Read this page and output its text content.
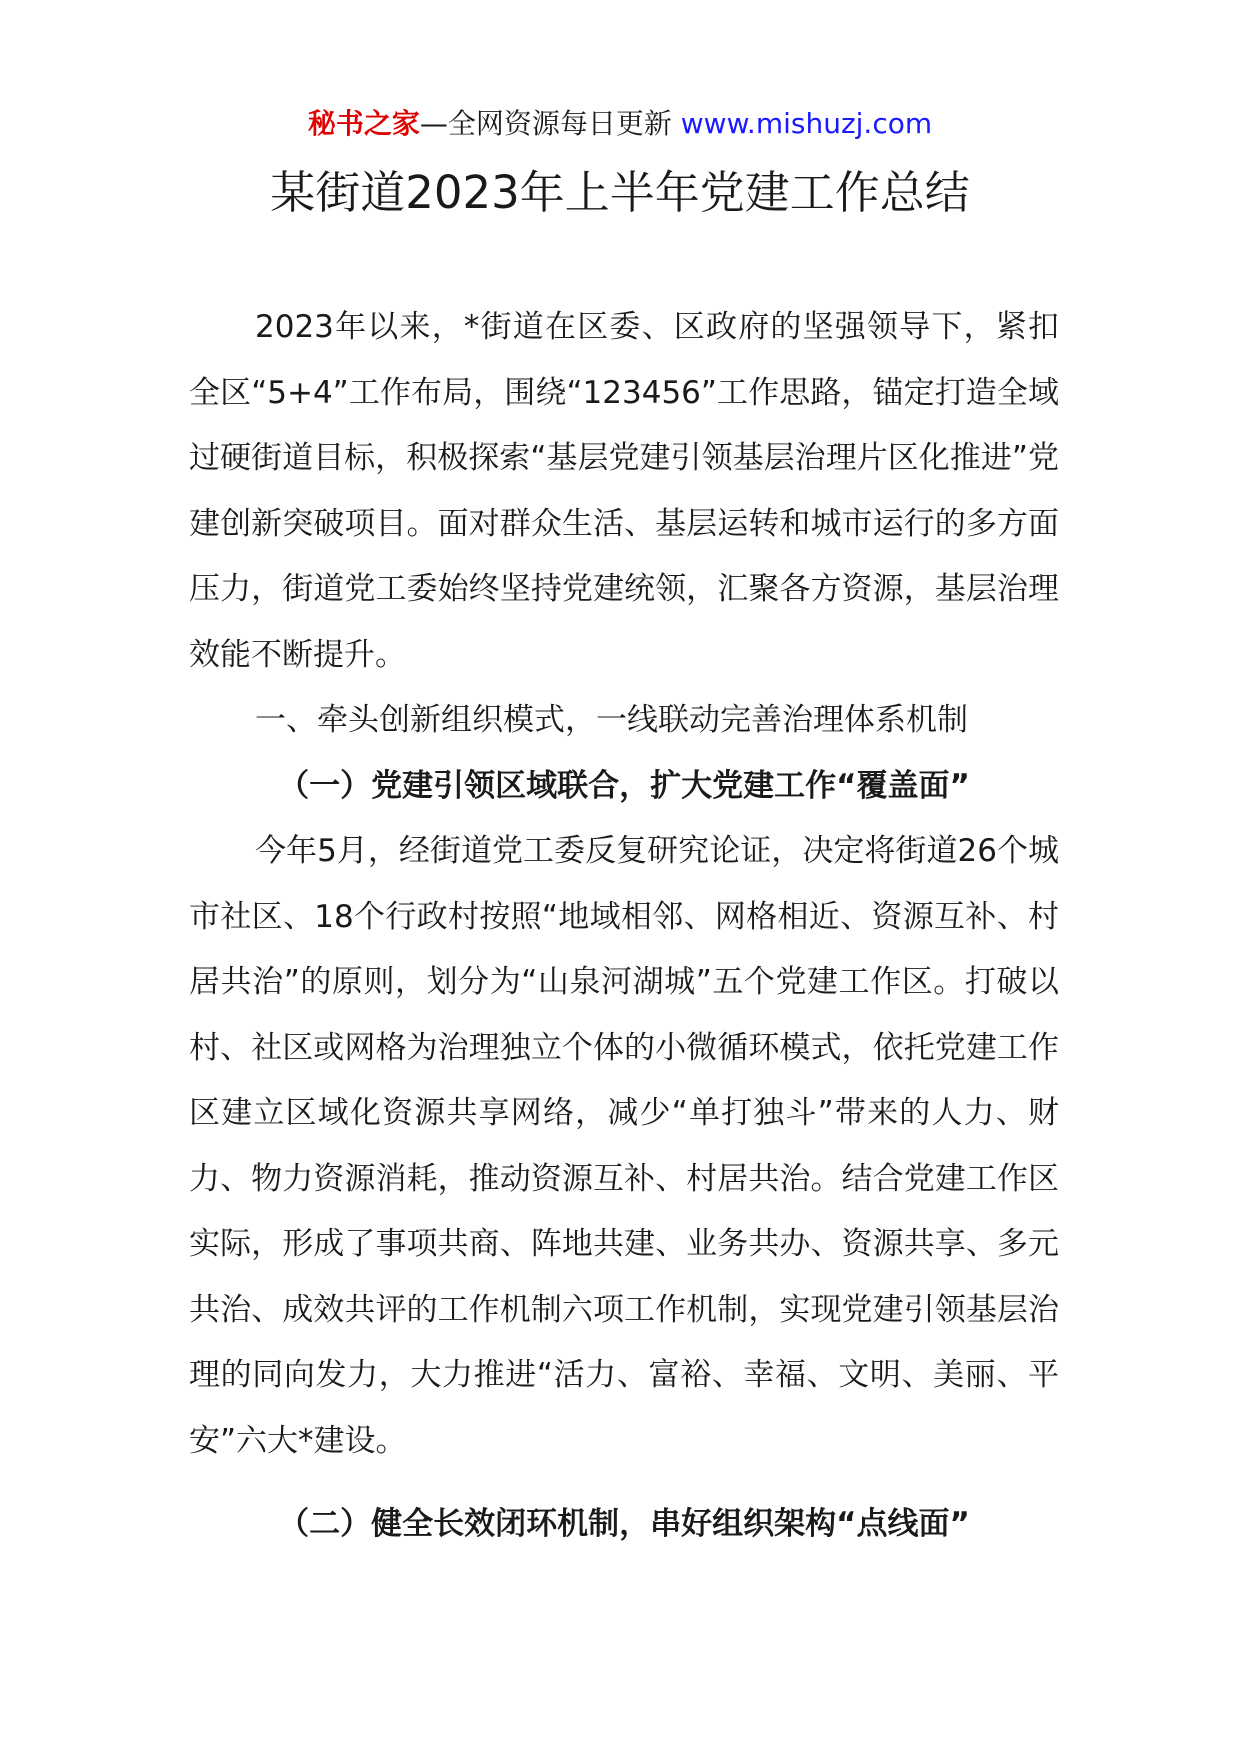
秘书之家—全网资源每日更新 www.mishuzj.com
某街道2023年上半年党建工作总结

2023年以来，*街道在区委、区政府的坚强领导下，紧扣全区“5+4”工作布局，围绕“123456”工作思路，锚定打造全域过硬街道目标，积极探索“基层党建引领基层治理片区化推进”党建创新突破项目。面对群众生活、基层运转和城市运行的多方面压力，街道党工委始终坚持党建统领，汇聚各方资源，基层治理效能不断提升。

一、牵头创新组织模式，一线联动完善治理体系机制

（一）党建引领区域联合，扩大党建工作“覆盖面”

今年5月，经街道党工委反复研究论证，决定将街道26个城市社区、18个行政村按照“地域相邻、网格相近、资源互补、村居共治”的原则，划分为“山泉河湖城”五个党建工作区。打破以村、社区或网格为治理独立个体的小微循环模式，依托党建工作区建立区域化资源共享网络，减少“单打独斗”带来的人力、财力、物力资源消耗，推动资源互补、村居共治。结合党建工作区实际，形成了事项共商、阵地共建、业务共办、资源共享、多元共治、成效共评的工作机制六项工作机制，实现党建引领基层治理的同向发力，大力推进“活力、富裕、幸福、文明、美丽、平安”六大*建设。

（二）健全长效闭环机制，串好组织架构“点线面”
